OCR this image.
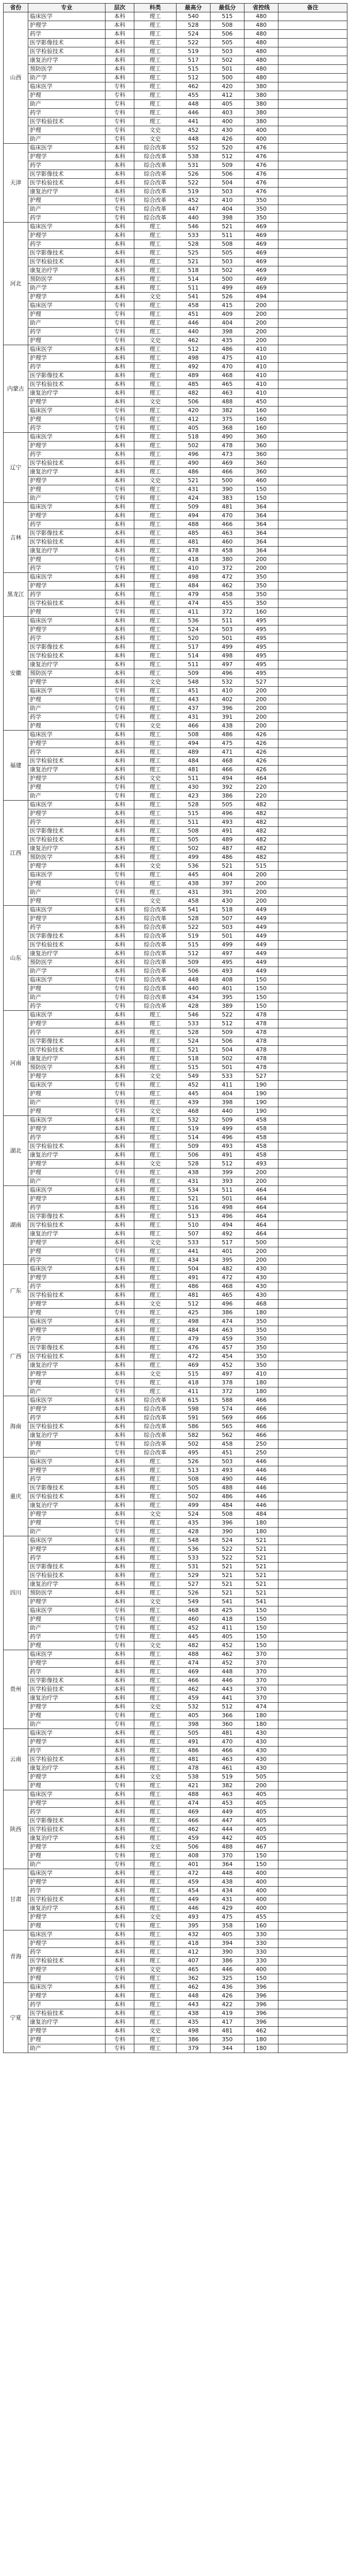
省份	专业	层次	科类	最高分	最低分	省控线	备注
山西	临床医学	本科	理工	540	515	480	
	护理学	本科	理工	528	508	480	
	药学	本科	理工	524	506	480	
	医学影像技术	本科	理工	522	505	480	
	医学检验技术	本科	理工	519	503	480	
	康复治疗学	本科	理工	517	502	480	
	预防医学	本科	理工	515	501	480	
	助产学	本科	理工	512	500	480	
	临床医学	专科	理工	462	420	380	
	护理	专科	理工	455	412	380	
	助产	专科	理工	448	405	380	
	药学	专科	理工	446	403	380	
	医学检验技术	专科	理工	441	400	380	
	护理	专科	文史	452	430	400	
	助产	专科	文史	448	426	400	
天津	临床医学	本科	综合改革	552	520	476	
	护理学	本科	综合改革	538	512	476	
	药学	本科	综合改革	531	509	476	
	医学影像技术	本科	综合改革	526	506	476	
	医学检验技术	本科	综合改革	522	504	476	
	康复治疗学	本科	综合改革	519	503	476	
	护理	专科	综合改革	452	410	350	
	助产	专科	综合改革	447	404	350	
	药学	专科	综合改革	440	398	350	
河北	临床医学	本科	理工	546	521	469	
	护理学	本科	理工	533	511	469	
	药学	本科	理工	528	508	469	
	医学影像技术	本科	理工	525	505	469	
	医学检验技术	本科	理工	521	503	469	
	康复治疗学	本科	理工	518	502	469	
	预防医学	本科	理工	514	500	469	
	助产学	本科	理工	511	499	469	
	护理学	本科	文史	541	526	494	
	临床医学	专科	理工	458	415	200	
	护理	专科	理工	451	409	200	
	助产	专科	理工	446	404	200	
	药学	专科	理工	440	398	200	
	护理	专科	文史	462	435	200	
内蒙古	临床医学	本科	理工	512	486	410	
	护理学	本科	理工	498	475	410	
	药学	本科	理工	492	470	410	
	医学影像技术	本科	理工	489	468	410	
	医学检验技术	本科	理工	485	465	410	
	康复治疗学	本科	理工	482	463	410	
	护理学	本科	文史	506	488	450	
	临床医学	专科	理工	420	382	160	
	护理	专科	理工	412	375	160	
	药学	专科	理工	405	368	160	
辽宁	临床医学	本科	理工	518	490	360	
	护理学	本科	理工	502	478	360	
	药学	本科	理工	496	473	360	
	医学检验技术	本科	理工	490	469	360	
	康复治疗学	本科	理工	486	466	360	
	护理学	本科	文史	521	500	460	
	护理	专科	理工	431	390	150	
	助产	专科	理工	424	383	150	
吉林	临床医学	本科	理工	509	481	364	
	护理学	本科	理工	494	470	364	
	药学	本科	理工	488	466	364	
	医学影像技术	本科	理工	485	463	364	
	医学检验技术	本科	理工	481	460	364	
	康复治疗学	本科	理工	478	458	364	
	护理	专科	理工	418	380	200	
	药学	专科	理工	410	372	200	
黑龙江	临床医学	本科	理工	498	472	350	
	护理学	本科	理工	484	462	350	
	药学	本科	理工	479	458	350	
	医学检验技术	本科	理工	474	455	350	
	护理	专科	理工	411	372	160	
安徽	临床医学	本科	理工	536	511	495	
	护理学	本科	理工	524	503	495	
	药学	本科	理工	520	501	495	
	医学影像技术	本科	理工	517	499	495	
	医学检验技术	本科	理工	514	498	495	
	康复治疗学	本科	理工	511	497	495	
	预防医学	本科	理工	509	496	495	
	护理学	本科	文史	548	532	527	
	临床医学	专科	理工	451	410	200	
	护理	专科	理工	443	402	200	
	助产	专科	理工	437	396	200	
	药学	专科	理工	431	391	200	
	护理	专科	文史	466	438	200	
福建	临床医学	本科	理工	508	486	426	
	护理学	本科	理工	494	475	426	
	药学	本科	理工	489	471	426	
	医学检验技术	本科	理工	484	468	426	
	康复治疗学	本科	理工	481	466	426	
	护理学	本科	文史	511	494	464	
	护理	专科	理工	430	392	220	
	助产	专科	理工	423	386	220	
江西	临床医学	本科	理工	528	505	482	
	护理学	本科	理工	515	496	482	
	药学	本科	理工	511	493	482	
	医学影像技术	本科	理工	508	491	482	
	医学检验技术	本科	理工	505	489	482	
	康复治疗学	本科	理工	502	487	482	
	预防医学	本科	理工	499	486	482	
	护理学	本科	文史	536	521	515	
	临床医学	专科	理工	445	404	200	
	护理	专科	理工	438	397	200	
	助产	专科	理工	431	391	200	
	护理	专科	文史	458	430	200	
山东	临床医学	本科	综合改革	541	518	449	
	护理学	本科	综合改革	528	507	449	
	药学	本科	综合改革	522	503	449	
	医学影像技术	本科	综合改革	519	501	449	
	医学检验技术	本科	综合改革	515	499	449	
	康复治疗学	本科	综合改革	512	497	449	
	预防医学	本科	综合改革	509	495	449	
	助产学	本科	综合改革	506	493	449	
	临床医学	专科	综合改革	448	408	150	
	护理	专科	综合改革	440	401	150	
	助产	专科	综合改革	434	395	150	
	药学	专科	综合改革	428	389	150	
河南	临床医学	本科	理工	546	522	478	
	护理学	本科	理工	533	512	478	
	药学	本科	理工	528	509	478	
	医学影像技术	本科	理工	524	506	478	
	医学检验技术	本科	理工	521	504	478	
	康复治疗学	本科	理工	518	502	478	
	预防医学	本科	理工	515	501	478	
	护理学	本科	文史	549	533	527	
	临床医学	专科	理工	452	411	190	
	护理	专科	理工	445	404	190	
	助产	专科	理工	439	398	190	
	护理	专科	文史	468	440	190	
湖北	临床医学	本科	理工	532	509	458	
	护理学	本科	理工	519	499	458	
	药学	本科	理工	514	496	458	
	医学检验技术	本科	理工	509	493	458	
	康复治疗学	本科	理工	506	491	458	
	护理学	本科	文史	528	512	493	
	护理	专科	理工	438	399	200	
	助产	专科	理工	431	393	200	
湖南	临床医学	本科	理工	534	511	464	
	护理学	本科	理工	521	501	464	
	药学	本科	理工	516	498	464	
	医学影像技术	本科	理工	513	496	464	
	医学检验技术	本科	理工	510	494	464	
	康复治疗学	本科	理工	507	492	464	
	护理学	本科	文史	533	517	500	
	护理	专科	理工	441	401	200	
	药学	专科	理工	434	395	200	
广东	临床医学	本科	理工	504	482	430	
	护理学	本科	理工	491	472	430	
	药学	本科	理工	486	468	430	
	医学检验技术	本科	理工	481	465	430	
	护理学	本科	文史	512	496	468	
	护理	专科	理工	425	386	180	
广西	临床医学	本科	理工	498	474	350	
	护理学	本科	理工	484	463	350	
	药学	本科	理工	479	459	350	
	医学影像技术	本科	理工	476	457	350	
	医学检验技术	本科	理工	472	454	350	
	康复治疗学	本科	理工	469	452	350	
	护理学	本科	文史	515	497	410	
	护理	专科	理工	418	378	180	
	助产	专科	理工	411	372	180	
海南	临床医学	本科	综合改革	615	588	466	
	护理学	本科	综合改革	598	574	466	
	药学	本科	综合改革	591	569	466	
	医学检验技术	本科	综合改革	586	565	466	
	康复治疗学	本科	综合改革	582	562	466	
	护理	专科	综合改革	502	458	250	
	助产	专科	综合改革	495	451	250	
重庆	临床医学	本科	理工	526	503	446	
	护理学	本科	理工	513	493	446	
	药学	本科	理工	508	490	446	
	医学影像技术	本科	理工	505	488	446	
	医学检验技术	本科	理工	502	486	446	
	康复治疗学	本科	理工	499	484	446	
	护理学	本科	文史	524	508	484	
	护理	专科	理工	435	396	180	
	助产	专科	理工	428	390	180	
四川	临床医学	本科	理工	548	524	521	
	护理学	本科	理工	536	522	521	
	药学	本科	理工	533	522	521	
	医学影像技术	本科	理工	531	521	521	
	医学检验技术	本科	理工	529	521	521	
	康复治疗学	本科	理工	527	521	521	
	预防医学	本科	理工	526	521	521	
	护理学	本科	文史	549	541	541	
	临床医学	专科	理工	468	425	150	
	护理	专科	理工	460	418	150	
	助产	专科	理工	452	411	150	
	药学	专科	理工	445	405	150	
	护理	专科	文史	482	452	150	
贵州	临床医学	本科	理工	488	462	370	
	护理学	本科	理工	474	452	370	
	药学	本科	理工	469	448	370	
	医学影像技术	本科	理工	466	446	370	
	医学检验技术	本科	理工	462	443	370	
	康复治疗学	本科	理工	459	441	370	
	护理学	本科	文史	532	512	474	
	护理	专科	理工	405	366	180	
	助产	专科	理工	398	360	180	
云南	临床医学	本科	理工	505	481	430	
	护理学	本科	理工	491	470	430	
	药学	本科	理工	486	466	430	
	医学检验技术	本科	理工	481	463	430	
	康复治疗学	本科	理工	478	461	430	
	护理学	本科	文史	538	519	505	
	护理	专科	理工	421	382	200	
陕西	临床医学	本科	理工	488	463	405	
	护理学	本科	理工	474	453	405	
	药学	本科	理工	469	449	405	
	医学影像技术	本科	理工	466	447	405	
	医学检验技术	本科	理工	462	444	405	
	康复治疗学	本科	理工	459	442	405	
	护理学	本科	文史	506	488	467	
	护理	专科	理工	408	370	150	
	助产	专科	理工	401	364	150	
甘肃	临床医学	本科	理工	472	448	400	
	护理学	本科	理工	459	438	400	
	药学	本科	理工	454	434	400	
	医学检验技术	本科	理工	449	431	400	
	康复治疗学	本科	理工	446	429	400	
	护理学	本科	文史	493	475	455	
	护理	专科	理工	395	358	160	
青海	临床医学	本科	理工	432	405	330	
	护理学	本科	理工	418	394	330	
	药学	本科	理工	412	390	330	
	医学检验技术	本科	理工	407	386	330	
	护理学	本科	文史	465	446	400	
	护理	专科	理工	362	325	150	
宁夏	临床医学	本科	理工	462	436	396	
	护理学	本科	理工	448	426	396	
	药学	本科	理工	443	422	396	
	医学检验技术	本科	理工	438	419	396	
	康复治疗学	本科	理工	435	417	396	
	护理学	本科	文史	498	481	462	
	护理	专科	理工	386	350	180	
	助产	专科	理工	379	344	180	
